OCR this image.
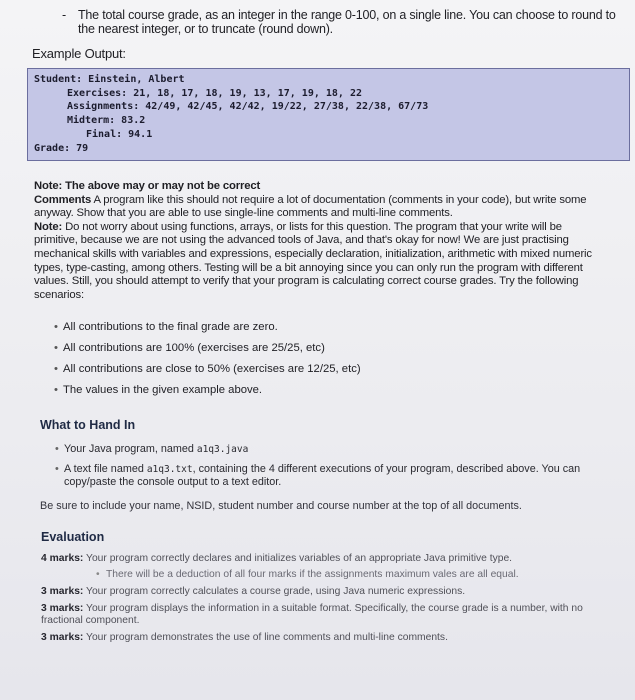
- The total course grade, as an integer in the range 0-100, on a single line. You can choose to round to the nearest integer, or to truncate (round down).
Example Output:
Student: Einstein, Albert
Exercises: 21, 18, 17, 18, 19, 13, 17, 19, 18, 22
Assignments: 42/49, 42/45, 42/42, 19/22, 27/38, 22/38, 67/73
Midterm: 83.2
Final: 94.1
Grade: 79

Note: The above may or may not be correct

Comments A program like this should not require a lot of documentation (comments in your code), but write some anyway. Show that you are able to use single-line comments and multi-line comments.

Note: Do not worry about using functions, arrays, or lists for this question. The program that your write will be primitive, because we are not using the advanced tools of Java, and that's okay for now! We are just practising mechanical skills with variables and expressions, especially declaration, initialization, arithmetic with mixed numeric types, type-casting, among others. Testing will be a bit annoying since you can only run the program with different values. Still, you should attempt to verify that your program is calculating correct course grades. Try the following scenarios:

• All contributions to the final grade are zero.
• All contributions are 100% (exercises are 25/25, etc)
• All contributions are close to 50% (exercises are 12/25, etc)
• The values in the given example above.
What to Hand In
• Your Java program, named a1q3.java
• A text file named a1q3.txt, containing the 4 different executions of your program, described above. You can copy/paste the console output to a text editor.
Be sure to include your name, NSID, student number and course number at the top of all documents.
Evaluation
4 marks: Your program correctly declares and initializes variables of an appropriate Java primitive type.
• There will be a deduction of all four marks if the assignments maximum vales are all equal.
3 marks: Your program correctly calculates a course grade, using Java numeric expressions.
3 marks: Your program displays the information in a suitable format. Specifically, the course grade is a number, with no fractional component.
3 marks: Your program demonstrates the use of line comments and multi-line comments.
